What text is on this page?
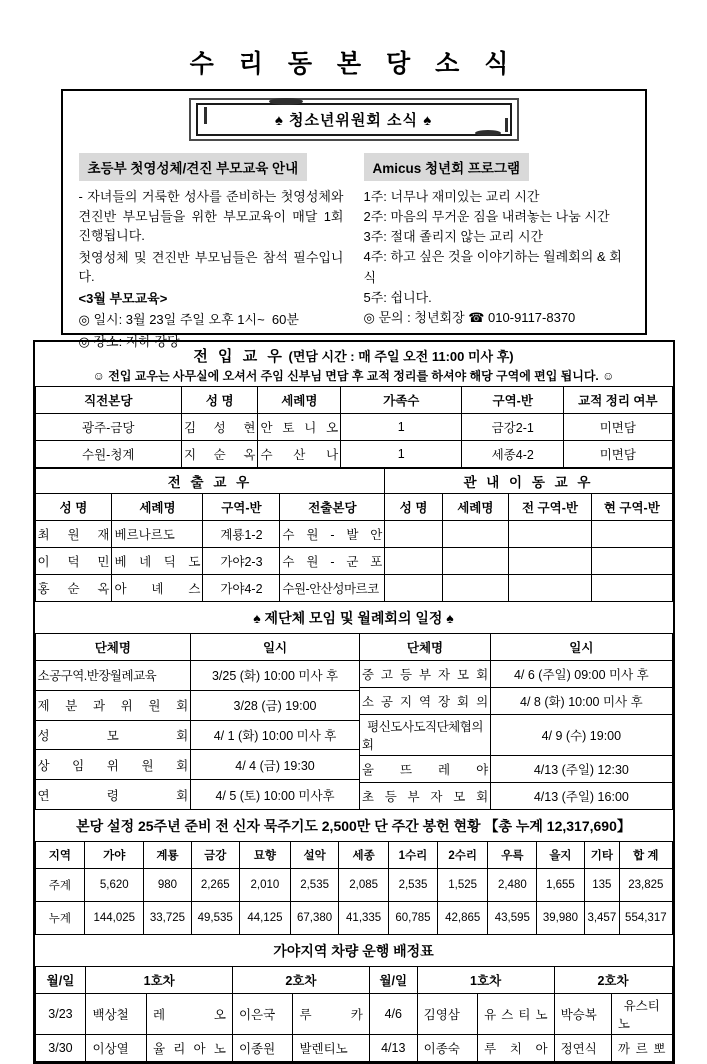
수 리 동 본 당 소 식
♠ 청소년위원회 소식 ♠
초등부 첫영성체/견진 부모교육 안내

- 자녀들의 거룩한 성사를 준비하는 첫영성체와 견진반 부모님들을 위한 부모교육이 매달 1회 진행됩니다.

첫영성체 및 견진반 부모님들은 참석 필수입니다.

<3월 부모교육>

◎ 일시: 3월 23일 주일 오후 1시~  60분

◎ 장소: 지하 강당

Amicus 청년회 프로그램
1주: 너무나 재미있는 교리 시간
2주: 마음의 무거운 짐을 내려놓는 나눔 시간
3주: 절대 졸리지 않는 교리 시간
4주: 하고 싶은 것을 이야기하는 월례회의 & 회식
5주: 쉽니다.
◎ 문의 : 청년회장 ☎ 010-9117-8370
전 입 교 우 (면담 시간 : 매 주일 오전 11:00 미사 후)
☺ 전입 교우는 사무실에 오셔서 주임 신부님 면담 후 교적 정리를 하셔야 해당 구역에 편입 됩니다. ☺
직전본당	성 명	세례명	가족수	구역-반	교적 정리 여부
광주-금당	김 성 현	안 토 니 오	1	금강2-1	미면담
수원-청계	지 순 옥	수 산 나	1	세종4-2	미면담
전 출 교 우			
성 명	세례명	구역-반	전출본당
최 원 재	베르나르도	계룡1-2	수 원 - 발 안
이 덕 민	베 네 딕 도	가야2-3	수 원 - 군 포
홍 순 옥	아 녜 스	가야4-2	수원-안산성마르코
관 내 이 동 교 우			
성 명	세례명	전 구역-반	현 구역-반

♠ 제단체 모임 및 월례회의 일정 ♠
단체명	일시
소공구역.반장월례교육	3/25 (화) 10:00 미사 후
제 분 과 위 원 회	3/28 (금) 19:00
성 모 회	4/ 1 (화) 10:00 미사 후
상 임 위 원 회	4/ 4 (금) 19:30
연 령 회	4/ 5 (토) 10:00 미사후
단체명	일시
중 고 등 부 자 모 회	4/ 6 (주일) 09:00 미사 후
소 공 지 역 장 회 의	4/ 8 (화) 10:00 미사 후
평신도사도직단체협의회	4/ 9 (수) 19:00
울 뜨 레 야	4/13 (주일) 12:30
초 등 부 자 모 회	4/13 (주일) 16:00
본당 설정 25주년 준비 전 신자 묵주기도 2,500만 단 주간 봉헌 현황 【총 누계 12,317,690】
지역	가야	계룡	금강	묘향	설악	세종	1수리	2수리	우륵	을지	기타	합 계
주계	5,620	980	2,265	2,010	2,535	2,085	2,535	1,525	2,480	1,655	135	23,825
누계	144,025	33,725	49,535	44,125	67,380	41,335	60,785	42,865	43,595	39,980	3,457	554,317
가야지역 차량 운행 배정표
월/일	1호차		2호차		월/일	1호차		2호차	
3/23	백상철	레 오	이은국	루 카	4/6	김영삼	유 스 티 노	박승복	유스티노
3/30	이상열	율 리 아 노	이종원	발렌티노	4/13	이종숙	루 치 아	정연식	까 르 뽀
